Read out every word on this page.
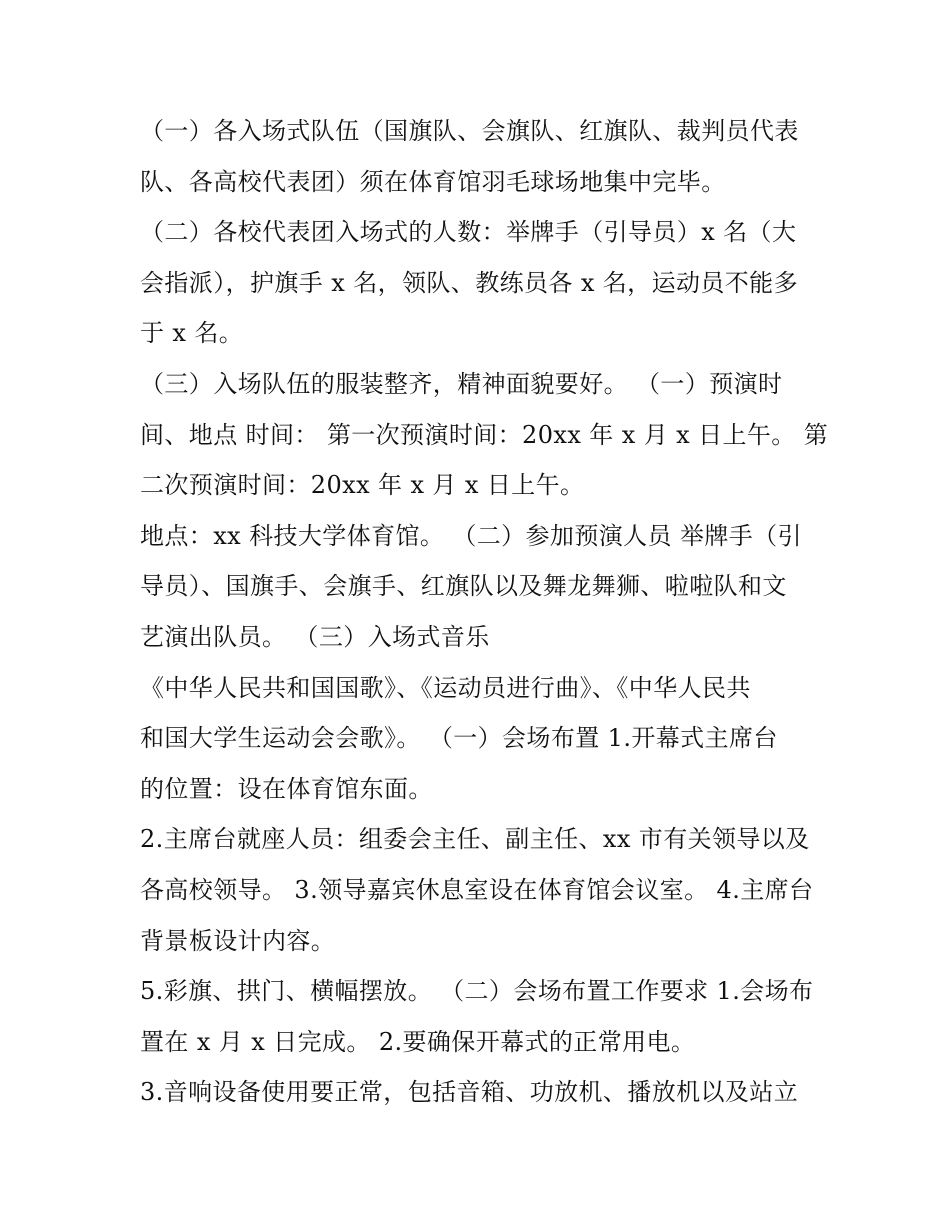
（一）各入场式队伍（国旗队、会旗队、红旗队、裁判员代表
队、各高校代表团）须在体育馆羽毛球场地集中完毕。
（二）各校代表团入场式的人数：举牌手（引导员）x 名（大
会指派），护旗手 x 名，领队、教练员各 x 名，运动员不能多
于 x 名。
（三）入场队伍的服装整齐，精神面貌要好。 （一）预演时
间、地点 时间： 第一次预演时间：20xx 年 x 月 x 日上午。 第
二次预演时间：20xx 年 x 月 x 日上午。
地点：xx 科技大学体育馆。 （二）参加预演人员 举牌手（引
导员）、国旗手、会旗手、红旗队以及舞龙舞狮、啦啦队和文
艺演出队员。 （三）入场式音乐
《中华人民共和国国歌》、《运动员进行曲》、《中华人民共
和国大学生运动会会歌》。 （一）会场布置 1.开幕式主席台
的位置：设在体育馆东面。
2.主席台就座人员：组委会主任、副主任、xx 市有关领导以及
各高校领导。 3.领导嘉宾休息室设在体育馆会议室。 4.主席台
背景板设计内容。
5.彩旗、拱门、横幅摆放。 （二）会场布置工作要求 1.会场布
置在 x 月 x 日完成。 2.要确保开幕式的正常用电。
3.音响设备使用要正常，包括音箱、功放机、播放机以及站立
